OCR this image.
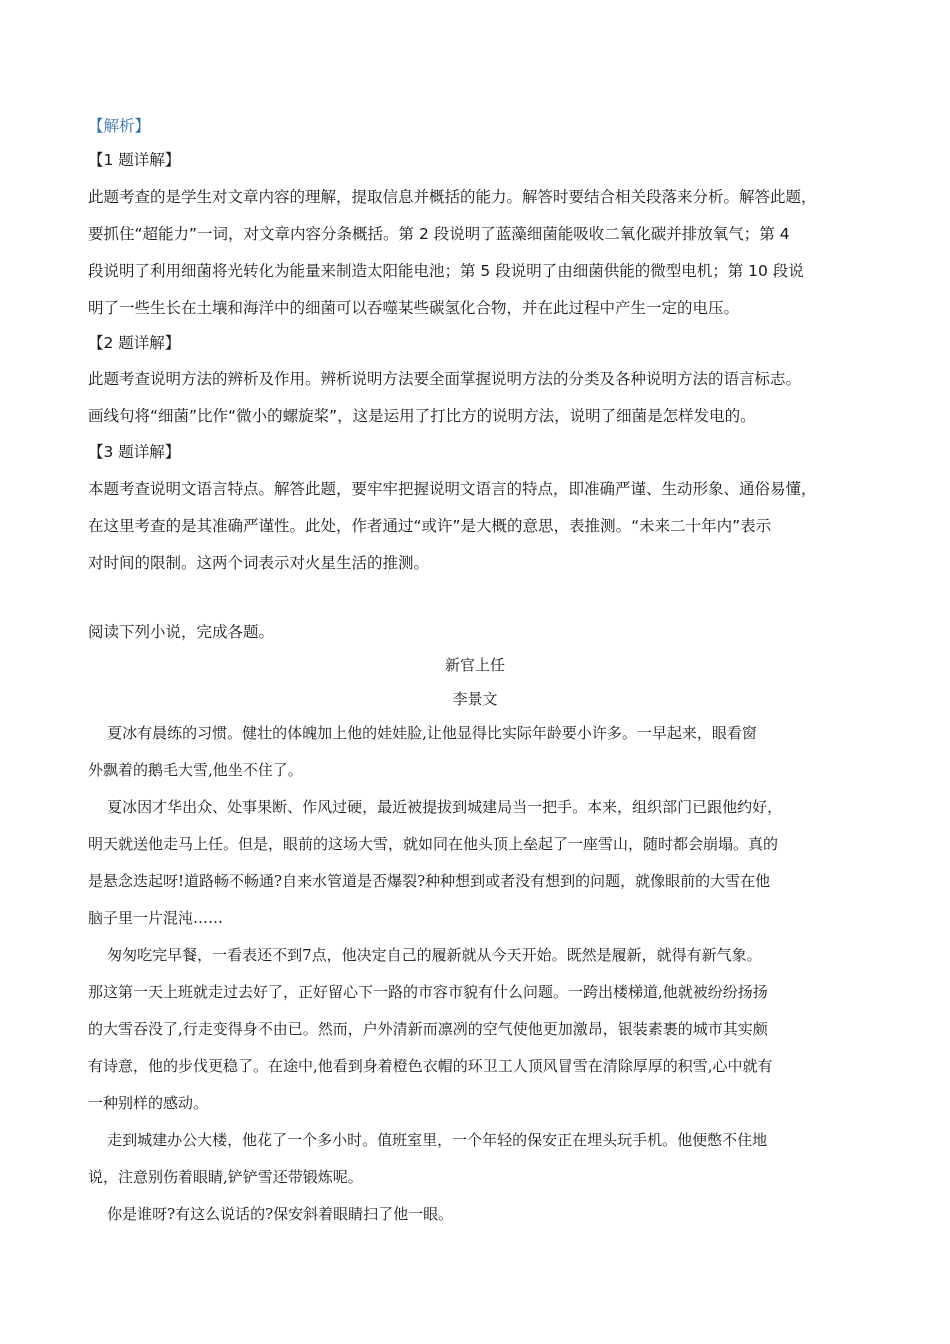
【解析】
【1 题详解】
此题考查的是学生对文章内容的理解，提取信息并概括的能力。解答时要结合相关段落来分析。解答此题，
要抓住“超能力”一词，对文章内容分条概括。第 2 段说明了蓝藻细菌能吸收二氧化碳并排放氧气；第 4
段说明了利用细菌将光转化为能量来制造太阳能电池；第 5 段说明了由细菌供能的微型电机；第 10 段说
明了一些生长在土壤和海洋中的细菌可以吞噬某些碳氢化合物，并在此过程中产生一定的电压。
【2 题详解】
此题考查说明方法的辨析及作用。辨析说明方法要全面掌握说明方法的分类及各种说明方法的语言标志。
画线句将“细菌”比作“微小的螺旋桨”，这是运用了打比方的说明方法，说明了细菌是怎样发电的。
【3 题详解】
本题考查说明文语言特点。解答此题，要牢牢把握说明文语言的特点，即准确严谨、生动形象、通俗易懂，
在这里考查的是其准确严谨性。此处，作者通过“或许”是大概的意思，表推测。“未来二十年内”表示
对时间的限制。这两个词表示对火星生活的推测。
阅读下列小说，完成各题。
新官上任
李景文
夏冰有晨练的习惯。健壮的体魄加上他的娃娃脸,让他显得比实际年龄要小许多。一早起来，眼看窗
外飘着的鹅毛大雪,他坐不住了。
夏冰因才华出众、处事果断、作风过硬，最近被提拔到城建局当一把手。本来，组织部门已跟他约好，
明天就送他走马上任。但是，眼前的这场大雪，就如同在他头顶上垒起了一座雪山，随时都会崩塌。真的
是悬念迭起呀!道路畅不畅通?自来水管道是否爆裂?种种想到或者没有想到的问题，就像眼前的大雪在他
脑子里一片混沌……
匆匆吃完早餐，一看表还不到7点，他决定自己的履新就从今天开始。既然是履新，就得有新气象。
那这第一天上班就走过去好了，正好留心下一路的市容市貌有什么问题。一跨出楼梯道,他就被纷纷扬扬
的大雪吞没了,行走变得身不由已。然而，户外清新而凛冽的空气使他更加激昂，银装素裹的城市其实颇
有诗意，他的步伐更稳了。在途中,他看到身着橙色衣帽的环卫工人顶风冒雪在清除厚厚的积雪,心中就有
一种别样的感动。
走到城建办公大楼，他花了一个多小时。值班室里，一个年轻的保安正在埋头玩手机。他便憋不住地
说，注意别伤着眼睛,铲铲雪还带锻炼呢。
你是谁呀?有这么说话的?保安斜着眼睛扫了他一眼。
